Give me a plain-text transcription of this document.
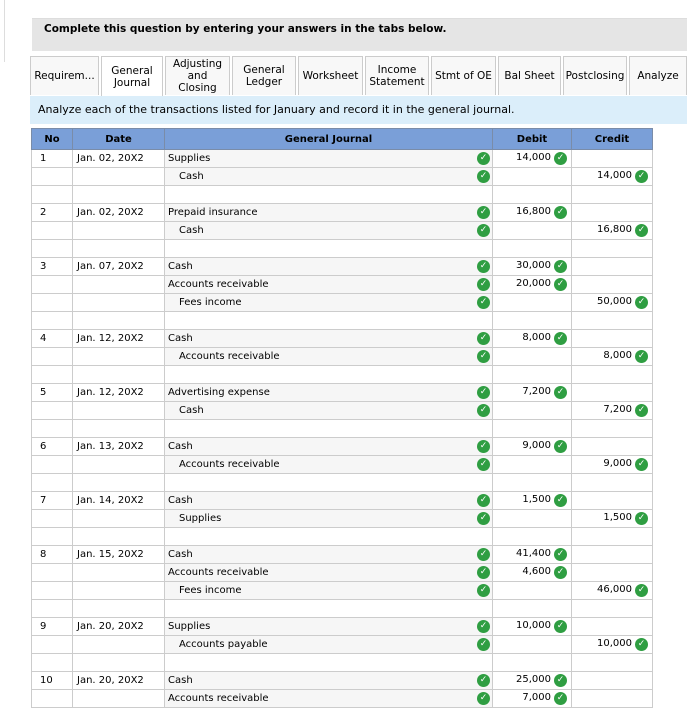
Complete this question by entering your answers in the tabs below.
Requirem...	General
Journal
Adjusting
and
Closing
General
Ledger	Worksheet	Income
Statement Stmt of OE	Bal Sheet	Postclosing	Analyze
Analyze each of the transactions listed for January and record it in the general journal.
No	Date	General Journal	Debit	Credit
1	Jan. 02, 20X2	Supplies ✓	14,000 ✓	

		Cash ✓		14,000 ✓

2	Jan. 02, 20X2	Prepaid insurance ✓	16,800 ✓	

		Cash ✓		16,800 ✓

3	Jan. 07, 20X2	Cash ✓	30,000 ✓	

		Accounts receivable ✓	20,000 ✓	

		Fees income ✓		50,000 ✓

4	Jan. 12, 20X2	Cash ✓	8,000 ✓	

		Accounts receivable ✓		8,000 ✓

5	Jan. 12, 20X2	Advertising expense ✓	7,200 ✓	

		Cash ✓		7,200 ✓

6	Jan. 13, 20X2	Cash ✓	9,000 ✓	

		Accounts receivable ✓		9,000 ✓

7	Jan. 14, 20X2	Cash ✓	1,500 ✓	

		Supplies ✓		1,500 ✓

8	Jan. 15, 20X2	Cash ✓	41,400 ✓	

		Accounts receivable ✓	4,600 ✓	

		Fees income ✓		46,000 ✓

9	Jan. 20, 20X2	Supplies ✓	10,000 ✓	

		Accounts payable ✓		10,000 ✓

10	Jan. 20, 20X2	Cash ✓	25,000 ✓	

		Accounts receivable ✓	7,000 ✓	
